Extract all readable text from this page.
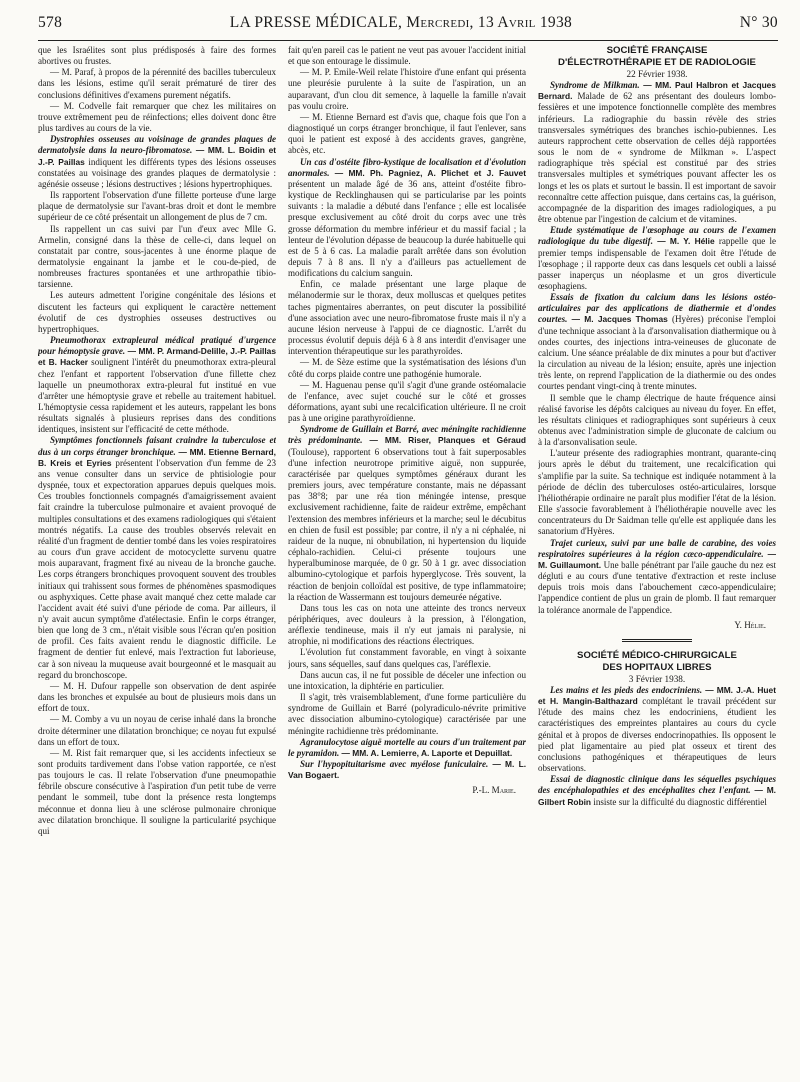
578	LA PRESSE MÉDICALE, Mercredi, 13 Avril 1938	N° 30

que les Israélites sont plus prédisposés à faire des formes abortives ou frustes.

— M. Paraf, à propos de la pérennité des bacilles tuberculeux dans les lésions, estime qu'il serait prématuré de tirer des conclusions définitives d'examens purement négatifs.

— M. Codvelle fait remarquer que chez les militaires on trouve extrêmement peu de réinfections; elles doivent donc être plus tardives au cours de la vie.

Dystrophies osseuses au voisinage de grandes plaques de dermatolysie dans la neuro-fibromatose. — MM. L. Boidin et J.-P. Paillas indiquent les différents types des lésions osseuses constatées au voisinage des grandes plaques de dermatolysie : agénésie osseuse ; lésions destructives ; lésions hypertrophiques.

Ils rapportent l'observation d'une fillette porteuse d'une large plaque de dermatolysie sur l'avant-bras droit et dont le membre supérieur de ce côté présentait un allongement de plus de 7 cm.

Ils rappellent un cas suivi par l'un d'eux avec Mlle G. Armelin, consigné dans la thèse de celle-ci, dans lequel on constatait par contre, sous-jacentes à une énorme plaque de dermatolysie engainant la jambe et le cou-de-pied, de nombreuses fractures spontanées et une arthropathie tibio-tarsienne.

Les auteurs admettent l'origine congénitale des lésions et discutent les facteurs qui expliquent le caractère nettement évolutif de ces dystrophies osseuses destructives ou hypertrophiques.

Pneumothorax extrapleural médical pratiqué d'urgence pour hémoptysie grave. — MM. P. Armand-Delille, J.-P. Paillas et B. Hacker soulignent l'intérêt du pneumothorax extra-pleural chez l'enfant et rapportent l'observation d'une fillette chez laquelle un pneumothorax extra-pleural fut institué en vue d'arrêter une hémoptysie grave et rebelle au traitement habituel. L'hémoptysie cessa rapidement et les auteurs, rappelant les bons résultats signalés à plusieurs reprises dans des conditions identiques, insistent sur l'efficacité de cette méthode.

Symptômes fonctionnels faisant craindre la tuberculose et dus à un corps étranger bronchique. — MM. Etienne Bernard, B. Kreis et Eyries présentent l'observation d'un femme de 23 ans venue consulter dans un service de phtisiologie pour dyspnée, toux et expectoration apparues depuis quelques mois. Ces troubles fonctionnels compagnés d'amaigrissement avaient fait craindre la tuberculose pulmonaire et avaient provoqué de multiples consultations et des examens radiologiques qui s'étaient montrés négatifs. La cause des troubles observés relevait en réalité d'un fragment de dentier tombé dans les voies respiratoires au cours d'un grave accident de motocyclette survenu quatre mois auparavant, fragment fixé au niveau de la bronche gauche. Les corps étrangers bronchiques provoquent souvent des troubles initiaux qui trahissent sous formes de phénomènes spasmodiques ou asphyxiques. Cette phase avait manqué chez cette malade car l'accident avait été suivi d'une période de coma. Par ailleurs, il n'y avait aucun symptôme d'atélectasie. Enfin le corps étranger, bien que long de 3 cm., n'était visible sous l'écran qu'en position de profil. Ces faits avaient rendu le diagnostic difficile. Le fragment de dentier fut enlevé, mais l'extraction fut laborieuse, car à son niveau la muqueuse avait bourgeonné et le masquait au regard du bronchoscope.

— M. H. Dufour rappelle son observation de dent aspirée dans les bronches et expulsée au bout de plusieurs mois dans un effort de toux.

— M. Comby a vu un noyau de cerise inhalé dans la bronche droite déterminer une dilatation bronchique; ce noyau fut expulsé dans un effort de toux.

— M. Rist fait remarquer que, si les accidents infectieux se sont produits tardivement dans l'obse vation rapportée, ce n'est pas toujours le cas. Il relate l'observation d'une pneumopathie fébrile obscure consécutive à l'aspiration d'un petit tube de verre pendant le sommeil, tube dont la présence resta longtemps méconnue et donna lieu à une sclérose pulmonaire chronique avec dilatation bronchique. Il souligne la particularité psychique qui

fait qu'en pareil cas le patient ne veut pas avouer l'accident initial et que son entourage le dissimule.

— M. P. Emile-Weil relate l'histoire d'une enfant qui présenta une pleurésie purulente à la suite de l'aspiration, un an auparavant, d'un clou dit semence, à laquelle la famille n'avait pas voulu croire.

— M. Etienne Bernard est d'avis que, chaque fois que l'on a diagnostiqué un corps étranger bronchique, il faut l'enlever, sans quoi le patient est exposé à des accidents graves, gangrène, abcès, etc.

Un cas d'ostéite fibro-kystique de localisation et d'évolution anormales. — MM. Ph. Pagniez, A. Plichet et J. Fauvet présentent un malade âgé de 36 ans, atteint d'ostéite fibro-kystique de Recklinghausen qui se particularise par les points suivants : la maladie a débuté dans l'enfance ; elle est localisée presque exclusivement au côté droit du corps avec une très grosse déformation du membre inférieur et du massif facial ; la lenteur de l'évolution dépasse de beaucoup la durée habituelle qui est de 5 à 6 cas. La maladie paraît arrêtée dans son évolution depuis 7 à 8 ans. Il n'y a d'ailleurs pas actuellement de modifications du calcium sanguin.

Enfin, ce malade présentant une large plaque de mélanodermie sur le thorax, deux molluscas et quelques petites taches pigmentaires aberrantes, on peut discuter la possibilité d'une association avec une neuro-fibromatose fruste mais il n'y a aucune lésion nerveuse à l'appui de ce diagnostic. L'arrêt du processus évolutif depuis déjà 6 à 8 ans interdit d'envisager une intervention thérapeutique sur les parathyroïdes.

— M. de Sèze estime que la systématisation des lésions d'un côté du corps plaide contre une pathogénie humorale.

— M. Haguenau pense qu'il s'agit d'une grande ostéomalacie de l'enfance, avec sujet couché sur le côté et grosses déformations, ayant subi une recalcification ultérieure. Il ne croit pas à une origine parathyroïdienne.

Syndrome de Guillain et Barré, avec méningite rachidienne très prédominante. — MM. Riser, Planques et Géraud (Toulouse), rapportent 6 observations tout à fait superposables d'une infection neurotrope primitive aiguë, non suppurée, caractérisée par quelques symptômes généraux durant les premiers jours, avec température constante, mais ne dépassant pas 38°8; par une réa tion méningée intense, presque exclusivement rachidienne, faite de raideur extrême, empêchant l'extension des membres inférieurs et la marche; seul le décubitus en chien de fusil est possible; par contre, il n'y a ni céphalée, ni raideur de la nuque, ni obnubilation, ni hypertension du liquide céphalo-rachidien. Celui-ci présente toujours une hyperalbuminose marquée, de 0 gr. 50 à 1 gr. avec dissociation albumino-cytologique et parfois hyperglycose. Très souvent, la réaction de benjoin colloïdal est positive, de type inflammatoire; la réaction de Wassermann est toujours demeurée négative.

Dans tous les cas on nota une atteinte des troncs nerveux périphériques, avec douleurs à la pression, à l'élongation, aréflexie tendineuse, mais il n'y eut jamais ni paralysie, ni atrophie, ni modifications des réactions électriques.

L'évolution fut constamment favorable, en vingt à soixante jours, sans séquelles, sauf dans quelques cas, l'aréflexie.

Dans aucun cas, il ne fut possible de déceler une infection ou une intoxication, la diphtérie en particulier.

Il s'agit, très vraisemblablement, d'une forme particulière du syndrome de Guillain et Barré (polyradiculo-névrite primitive avec dissociation albumino-cytologique) caractérisée par une méningite rachidienne très prédominante.

Agranulocytose aiguë mortelle au cours d'un traitement par le pyramidon. — MM. A. Lemierre, A. Laporte et Depuillat.

Sur l'hypopituitarisme avec myélose funiculaire. — M. L. Van Bogaert.

P.-L. Marie.

SOCIÉTÉ FRANÇAISE
D'ÉLECTROTHÉRAPIE ET DE RADIOLOGIE

22 Février 1938.

Syndrome de Milkman. — MM. Paul Halbron et Jacques Bernard. Malade de 62 ans présentant des douleurs lombo-fessières et une impotence fonctionnelle complète des membres inférieurs. La radiographie du bassin révèle des stries transversales symétriques des branches ischio-pubiennes. Les auteurs rapprochent cette observation de celles déjà rapportées sous le nom de « syndrome de Milkman ». L'aspect radiographique très spécial est constitué par des stries transversales multiples et symétriques pouvant affecter les os longs et les os plats et surtout le bassin. Il est important de savoir reconnaître cette affection puisque, dans certains cas, la guérison, accompagnée de la disparition des images radiologiques, a pu être obtenue par l'ingestion de calcium et de vitamines.

Etude systématique de l'œsophage au cours de l'examen radiologique du tube digestif. — M. Y. Hélie rappelle que le premier temps indispensable de l'examen doit être l'étude de l'œsophage ; il rapporte deux cas dans lesquels cet oubli a laissé passer inaperçus un néoplasme et un gros diverticule œsophagiens.

Essais de fixation du calcium dans les lésions ostéo-articulaires par des applications de diathermie et d'ondes courtes. — M. Jacques Thomas (Hyères) préconise l'emploi d'une technique associant à la d'arsonvalisation diathermique ou à ondes courtes, des injections intra-veineuses de gluconate de calcium. Une séance préalable de dix minutes a pour but d'activer la circulation au niveau de la lésion; ensuite, après une injection très lente, on reprend l'application de la diathermie ou des ondes courtes pendant vingt-cinq à trente minutes.

Il semble que le champ électrique de haute fréquence ainsi réalisé favorise les dépôts calciques au niveau du foyer. En effet, les résultats cliniques et radiographiques sont supérieurs à ceux obtenus avec l'administration simple de gluconate de calcium ou à la d'arsonvalisation seule.

L'auteur présente des radiographies montrant, quarante-cinq jours après le début du traitement, une recalcification qui s'amplifie par la suite. Sa technique est indiquée notamment à la période de déclin des tuberculoses ostéo-articulaires, lorsque l'héliothérapie ordinaire ne paraît plus modifier l'état de la lésion. Elle s'associe favorablement à l'héliothérapie nouvelle avec les concentrateurs du Dr Saidman telle qu'elle est appliquée dans les sanatorium d'Hyères.

Trajet curieux, suivi par une balle de carabine, des voies respiratoires supérieures à la région cæco-appendiculaire. — M. Guillaumont. Une balle pénétrant par l'aile gauche du nez est dégluti e au cours d'une tentative d'extraction et reste incluse depuis trois mois dans l'abouchement cæco-appendiculaire; l'appendice contient de plus un grain de plomb. Il faut remarquer la tolérance anormale de l'appendice.

Y. Hélie.

SOCIÉTÉ MÉDICO-CHIRURGICALE
DES HOPITAUX LIBRES

3 Février 1938.

Les mains et les pieds des endocriniens. — MM. J.-A. Huet et H. Mangin-Balthazard complétant le travail précédent sur l'étude des mains chez les endocriniens, étudient les caractéristiques des empreintes plantaires au cours du cycle génital et à propos de diverses endocrinopathies. Ils opposent le pied plat ligamentaire au pied plat osseux et tirent des conclusions pathogéniques et thérapeutiques de leurs observations.

Essai de diagnostic clinique dans les séquelles psychiques des encéphalopathies et des encéphalites chez l'enfant. — M. Gilbert Robin insiste sur la difficulté du diagnostic différentiel
